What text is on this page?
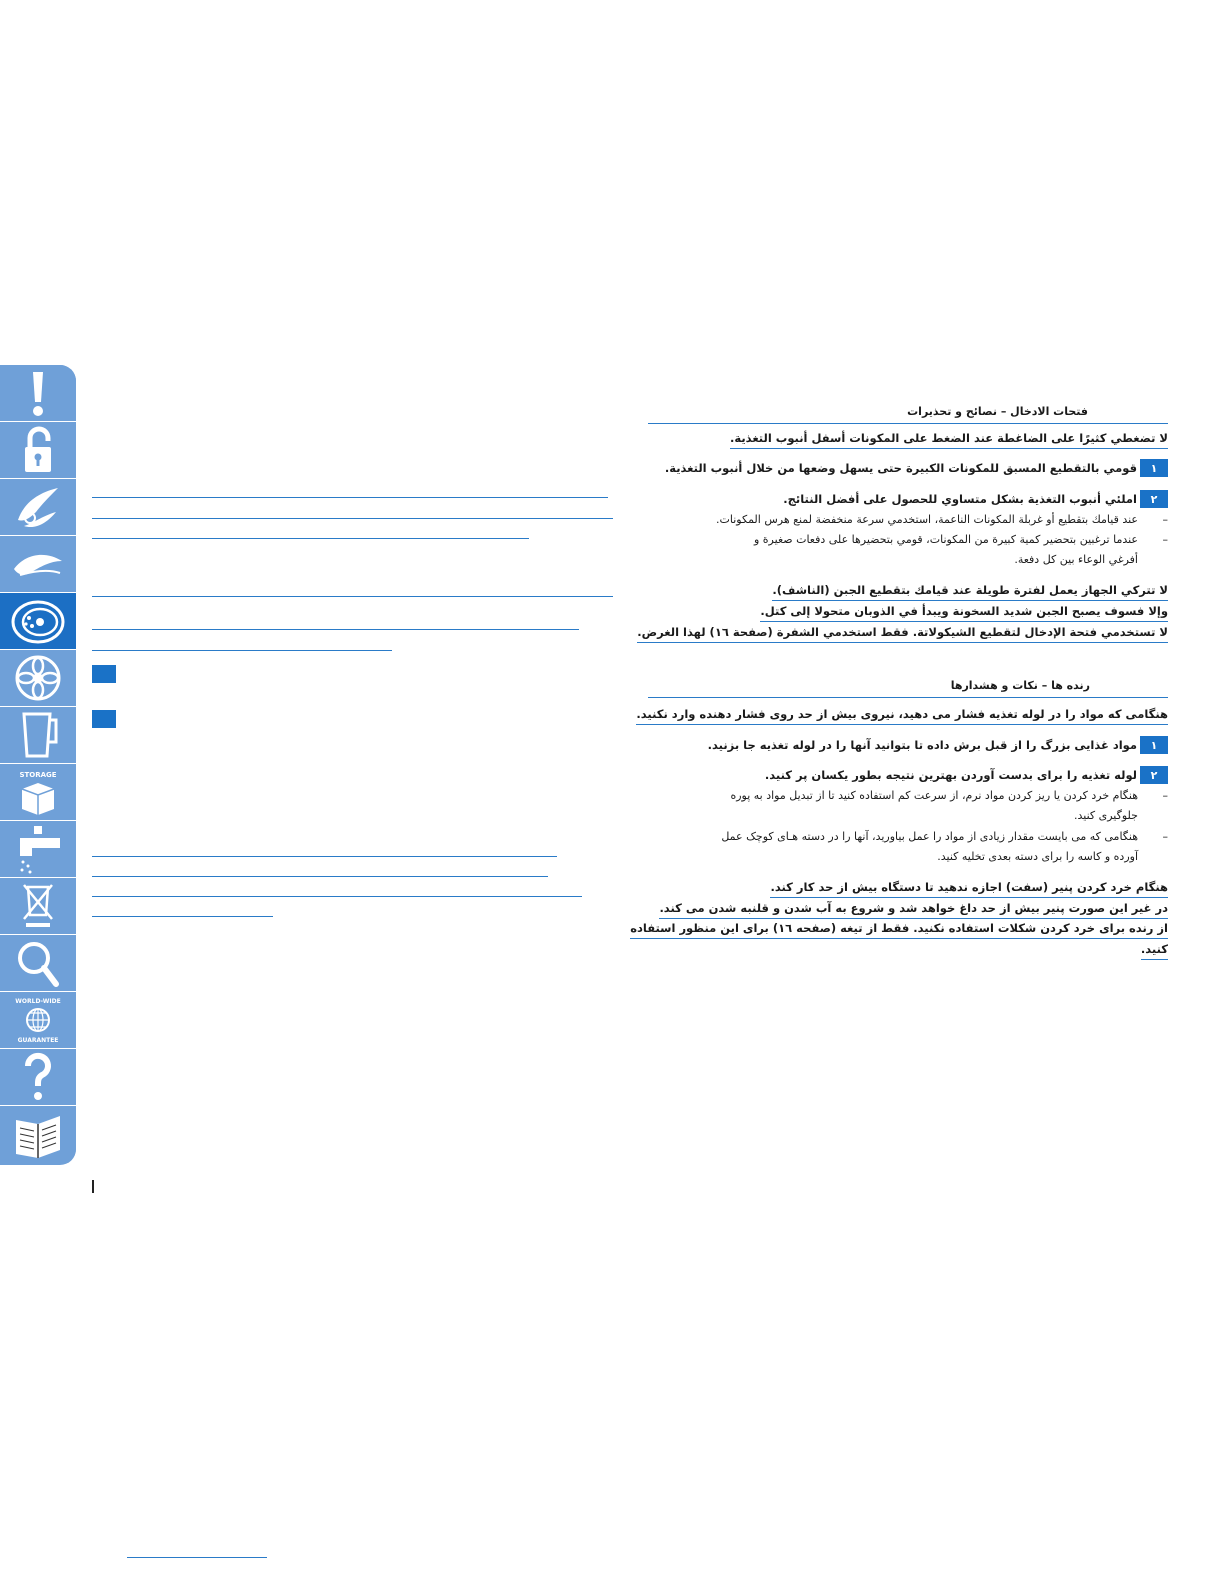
STORAGE
WORLD-WIDE
GUARANTEE
فتحات الادخال – نصائح و تحذيرات
لا تضغطي كثيرًا على الضاغطة عند الضغط على المكونات أسفل أنبوب التغذية.
١
قومي بالتقطيع المسبق للمكونات الكبيرة حتى يسهل وضعها من خلال أنبوب التغذية.
٢
املئي أنبوب التغذية بشكل متساوي للحصول على أفضل النتائج.
–
عند قيامك بتقطيع أو غربلة المكونات الناعمة، استخدمي سرعة منخفضة لمنع هرس المكونات.
–
عندما ترغبين بتحضير كمية كبيرة من المكونات، قومي بتحضيرها على دفعات صغيرة و
أفرغي الوعاء بين كل دفعة.
لا تتركي الجهاز يعمل لفترة طويلة عند قيامك بتقطيع الجبن (الناشف).
وإلا فسوف يصبح الجبن شديد السخونة ويبدأ في الذوبان متحولا إلى كتل.
لا تستخدمي فتحة الإدخال لتقطيع الشيكولاتة. فقط استخدمي الشفرة (صفحة ١٦) لهذا الغرض.
رنده ها – نکات و هشدارها
هنگامی که مواد را در لوله تغذیه فشار می دهید، نیروی بیش از حد روی فشار دهنده وارد نکنید.
١
مواد غذایی بزرگ را از قبل برش داده تا بتوانید آنها را در لوله تغذیه جا بزنید.
٢
لوله تغذیه را برای بدست آوردن بهترین نتیجه بطور یکسان پر کنید.
–
هنگام خرد کردن یا ریز کردن مواد نرم، از سرعت کم استفاده کنید تا از تبدیل مواد به پوره
جلوگیری کنید.
–
هنگامی که می بایست مقدار زیادی از مواد را عمل بیاورید، آنها را در دسته هـای کوچک عمل
آورده و کاسه را برای دسته بعدی تخلیه کنید.
هنگام خرد کردن پنیر (سفت) اجازه ندهید تا دستگاه بیش از حد کار کند.
در غیر این صورت پنیر بیش از حد داغ خواهد شد و شروع به آب شدن و قلنبه شدن می کند.
از رنده برای خرد کردن شکلات استفاده نکنید. فقط از تیغه (صفحه ١٦) برای این منظور استفاده
کنید.
